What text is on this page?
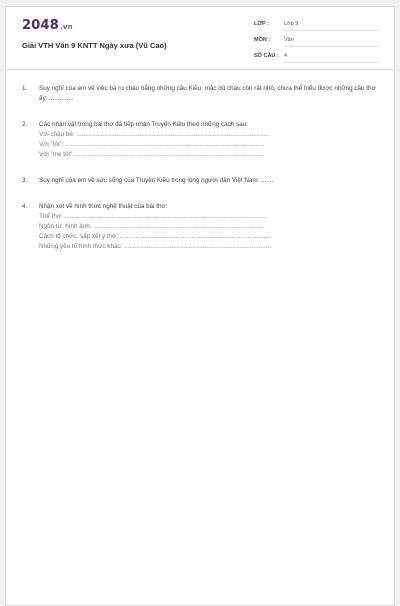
2048.vn
Giải VTH Văn 9 KNTT Ngày xưa (Vũ Cao)
LỚP :	Lớp 9
MÔN :	Văn
SỐ CÂU : 4
1. Suy nghĩ của em về việc bà ru cháu bằng những câu Kiều, mặc dù cháu còn rất nhỏ, chưa thể hiểu được những câu thơ ấy: ..............
2. Các nhân vật trong bài thơ đã tiếp nhận Truyện Kiều theo những cách sau:
Với cháu bé: ..............................................................................................................
Với "tôi": ..................................................................................................................
Với "mẹ tôi": ............................................................................................................
3. Suy nghĩ của em về sức sống của Truyện Kiều trong lòng người dân Việt Nam: .......
4. Nhận xét về hình thức nghệ thuật của bài thơ:
Thể thơ: ....................................................................................................................
Ngôn từ, hình ảnh: ..................................................................................................
Cách tổ chức, sắp xết ý thơ: ......................................................................................
Những yếu tố hình thức khác: ....................................................................................
